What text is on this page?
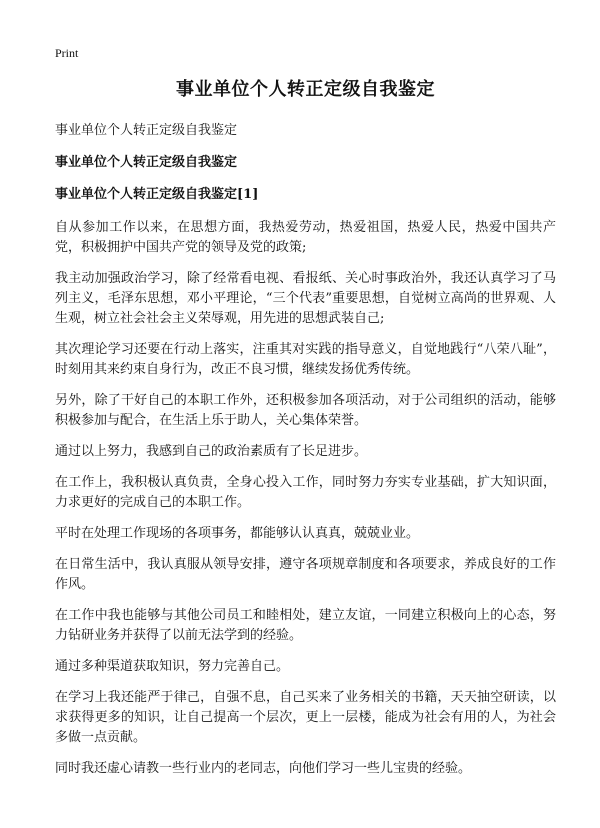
Print
事业单位个人转正定级自我鉴定
事业单位个人转正定级自我鉴定
事业单位个人转正定级自我鉴定
事业单位个人转正定级自我鉴定[1]

自从参加工作以来，在思想方面，我热爱劳动，热爱祖国，热爱人民，热爱中国共产党，积极拥护中国共产党的领导及党的政策;

我主动加强政治学习，除了经常看电视、看报纸、关心时事政治外，我还认真学习了马列主义，毛泽东思想，邓小平理论，“三个代表”重要思想，自觉树立高尚的世界观、人生观，树立社会社会主义荣辱观，用先进的思想武装自己;

其次理论学习还要在行动上落实，注重其对实践的指导意义，自觉地践行“八荣八耻”，时刻用其来约束自身行为，改正不良习惯，继续发扬优秀传统。

另外，除了干好自己的本职工作外，还积极参加各项活动，对于公司组织的活动，能够积极参加与配合，在生活上乐于助人，关心集体荣誉。

通过以上努力，我感到自己的政治素质有了长足进步。

在工作上，我积极认真负责，全身心投入工作，同时努力夯实专业基础，扩大知识面，力求更好的完成自己的本职工作。

平时在处理工作现场的各项事务，都能够认认真真，兢兢业业。

在日常生活中，我认真服从领导安排，遵守各项规章制度和各项要求，养成良好的工作作风。

在工作中我也能够与其他公司员工和睦相处，建立友谊，一同建立积极向上的心态，努力钻研业务并获得了以前无法学到的经验。

通过多种渠道获取知识，努力完善自己。

在学习上我还能严于律己，自强不息，自己买来了业务相关的书籍，天天抽空研读，以求获得更多的知识，让自己提高一个层次，更上一层楼，能成为社会有用的人，为社会多做一点贡献。

同时我还虚心请教一些行业内的老同志，向他们学习一些儿宝贵的经验。
